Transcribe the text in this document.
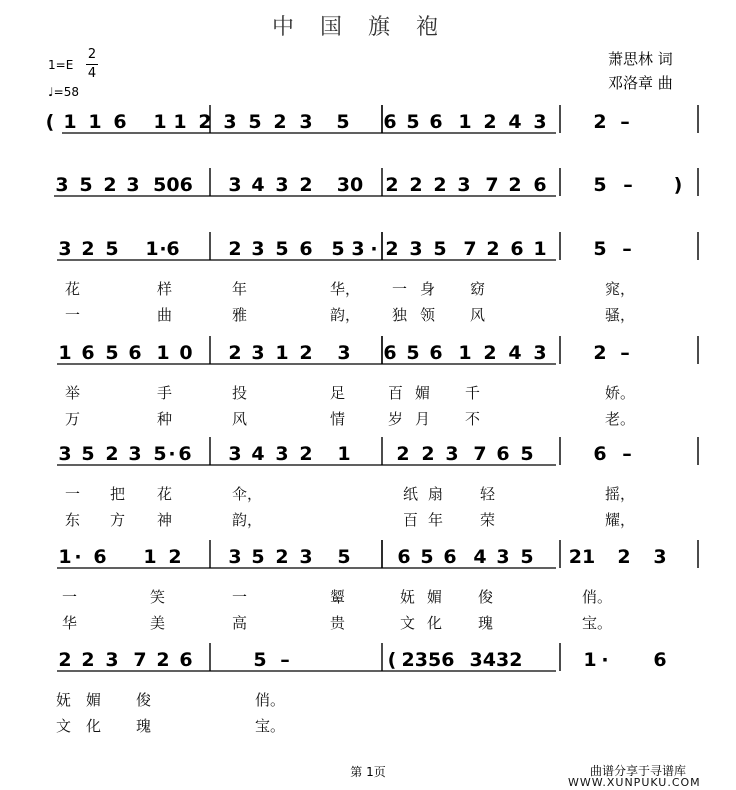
中国旗袍
$1=E \frac{2}{4}$
♩=58
萧思林 词
邓洛章 曲
( 1 1 6 1 1 2 3 5 2 3 5 6 5 6 1 2 4 3 2 –
3 5 2 3 506 3 4 3 2 30 2 2 2 3 7 2 6 5 – )
3 2 5 1 · 6	2 3 5 6 5 3 · 2 3 5 7 2 6 1 5 –
花	样	年	华， 一 身 窈	窕，
一	曲	雅	韵， 独 领 风	骚，
1 6 5 6 1 0 2 3 1 2 3 6 5 6 1 2 4 3 2 –
举	手	投	足	百 媚 千	娇。
万	种	风	情	岁 月 不	老。
3 5 2 3 5 · 6 3 4 3 2 1 2 2 3 7 6 5	6 –
一 把 花	伞，	纸 扇 轻	摇，
东 方 神	韵，	百 年 荣	耀，
1 · 6 1 2 3 5 2 3 5 6 5 6 4 3 5 21 2 3
一	笑	一	颦	妩 媚 俊	俏。
华	美	高	贵	文 化 瑰	宝。
2 2 3 7 2 6	5 –	( 2356 3432	1 · 6
妩 媚 俊	俏。
文 化 瑰	宝。
第 1页	曲谱分享于寻谱库
WWW.XUNPUKU.COM
